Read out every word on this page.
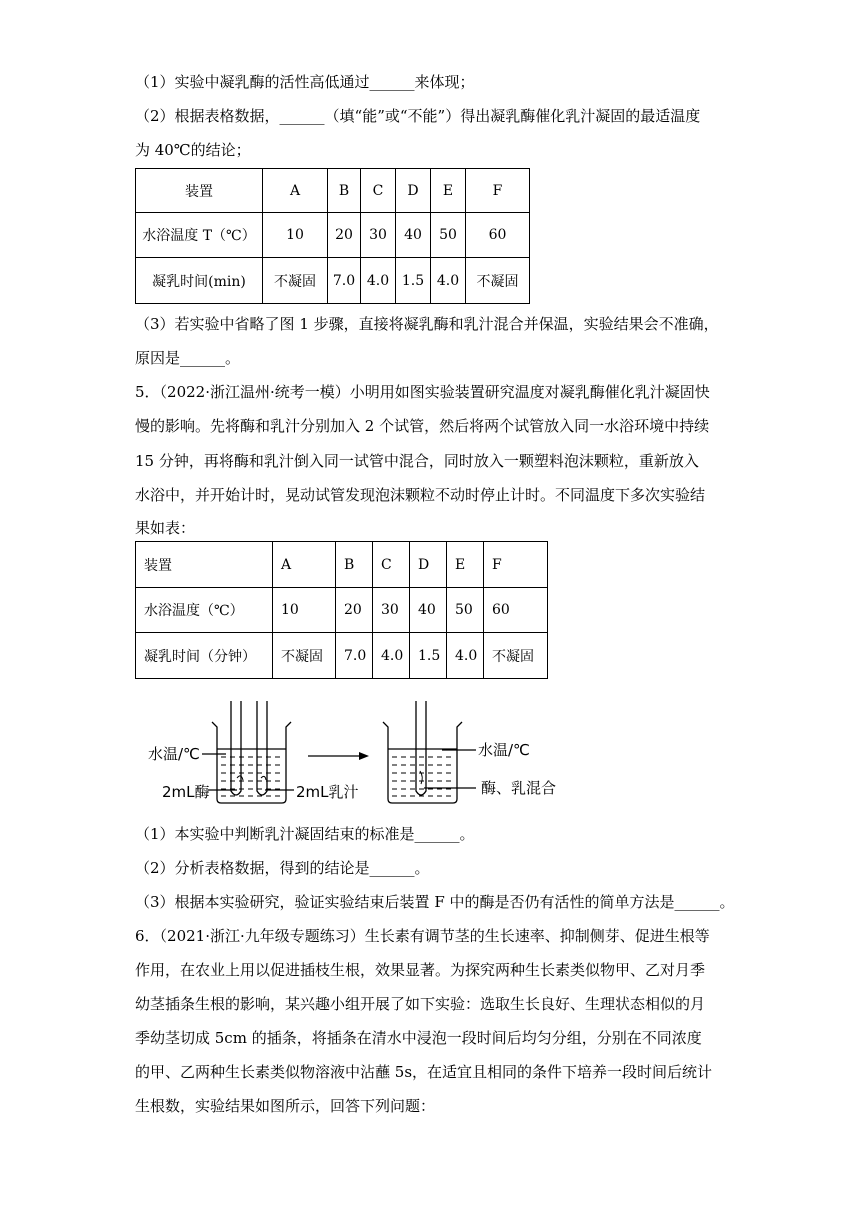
（1）实验中凝乳酶的活性高低通过______来体现；
（2）根据表格数据，______（填“能”或“不能”）得出凝乳酶催化乳汁凝固的最适温度
为 40℃的结论；
装置	A	B	C	D	E	F
水浴温度 T（℃）	10	20	30	40	50	60
凝乳时间(min)	不凝固	7.0	4.0	1.5	4.0	不凝固
（3）若实验中省略了图 1 步骤，直接将凝乳酶和乳汁混合并保温，实验结果会不准确，
原因是______。
5．（2022·浙江温州·统考一模）小明用如图实验装置研究温度对凝乳酶催化乳汁凝固快
慢的影响。先将酶和乳汁分别加入 2 个试管，然后将两个试管放入同一水浴环境中持续
15 分钟，再将酶和乳汁倒入同一试管中混合，同时放入一颗塑料泡沫颗粒，重新放入
水浴中，并开始计时，晃动试管发现泡沫颗粒不动时停止计时。不同温度下多次实验结
果如表：
装置	A	B	C	D	E	F
水浴温度（℃）	10	20	30	40	50	60
凝乳时间（分钟）	不凝固	7.0	4.0	1.5	4.0	不凝固
水温/℃
2mL酶	2mL乳汁
水温/℃
酶、乳混合
（1）本实验中判断乳汁凝固结束的标准是______。
（2）分析表格数据，得到的结论是______。
（3）根据本实验研究，验证实验结束后装置 F 中的酶是否仍有活性的简单方法是______。
6．（2021·浙江·九年级专题练习）生长素有调节茎的生长速率、抑制侧芽、促进生根等
作用，在农业上用以促进插枝生根，效果显著。为探究两种生长素类似物甲、乙对月季
幼茎插条生根的影响，某兴趣小组开展了如下实验：选取生长良好、生理状态相似的月
季幼茎切成 5cm 的插条，将插条在清水中浸泡一段时间后均匀分组，分别在不同浓度
的甲、乙两种生长素类似物溶液中沾蘸 5s，在适宜且相同的条件下培养一段时间后统计
生根数，实验结果如图所示，回答下列问题：
